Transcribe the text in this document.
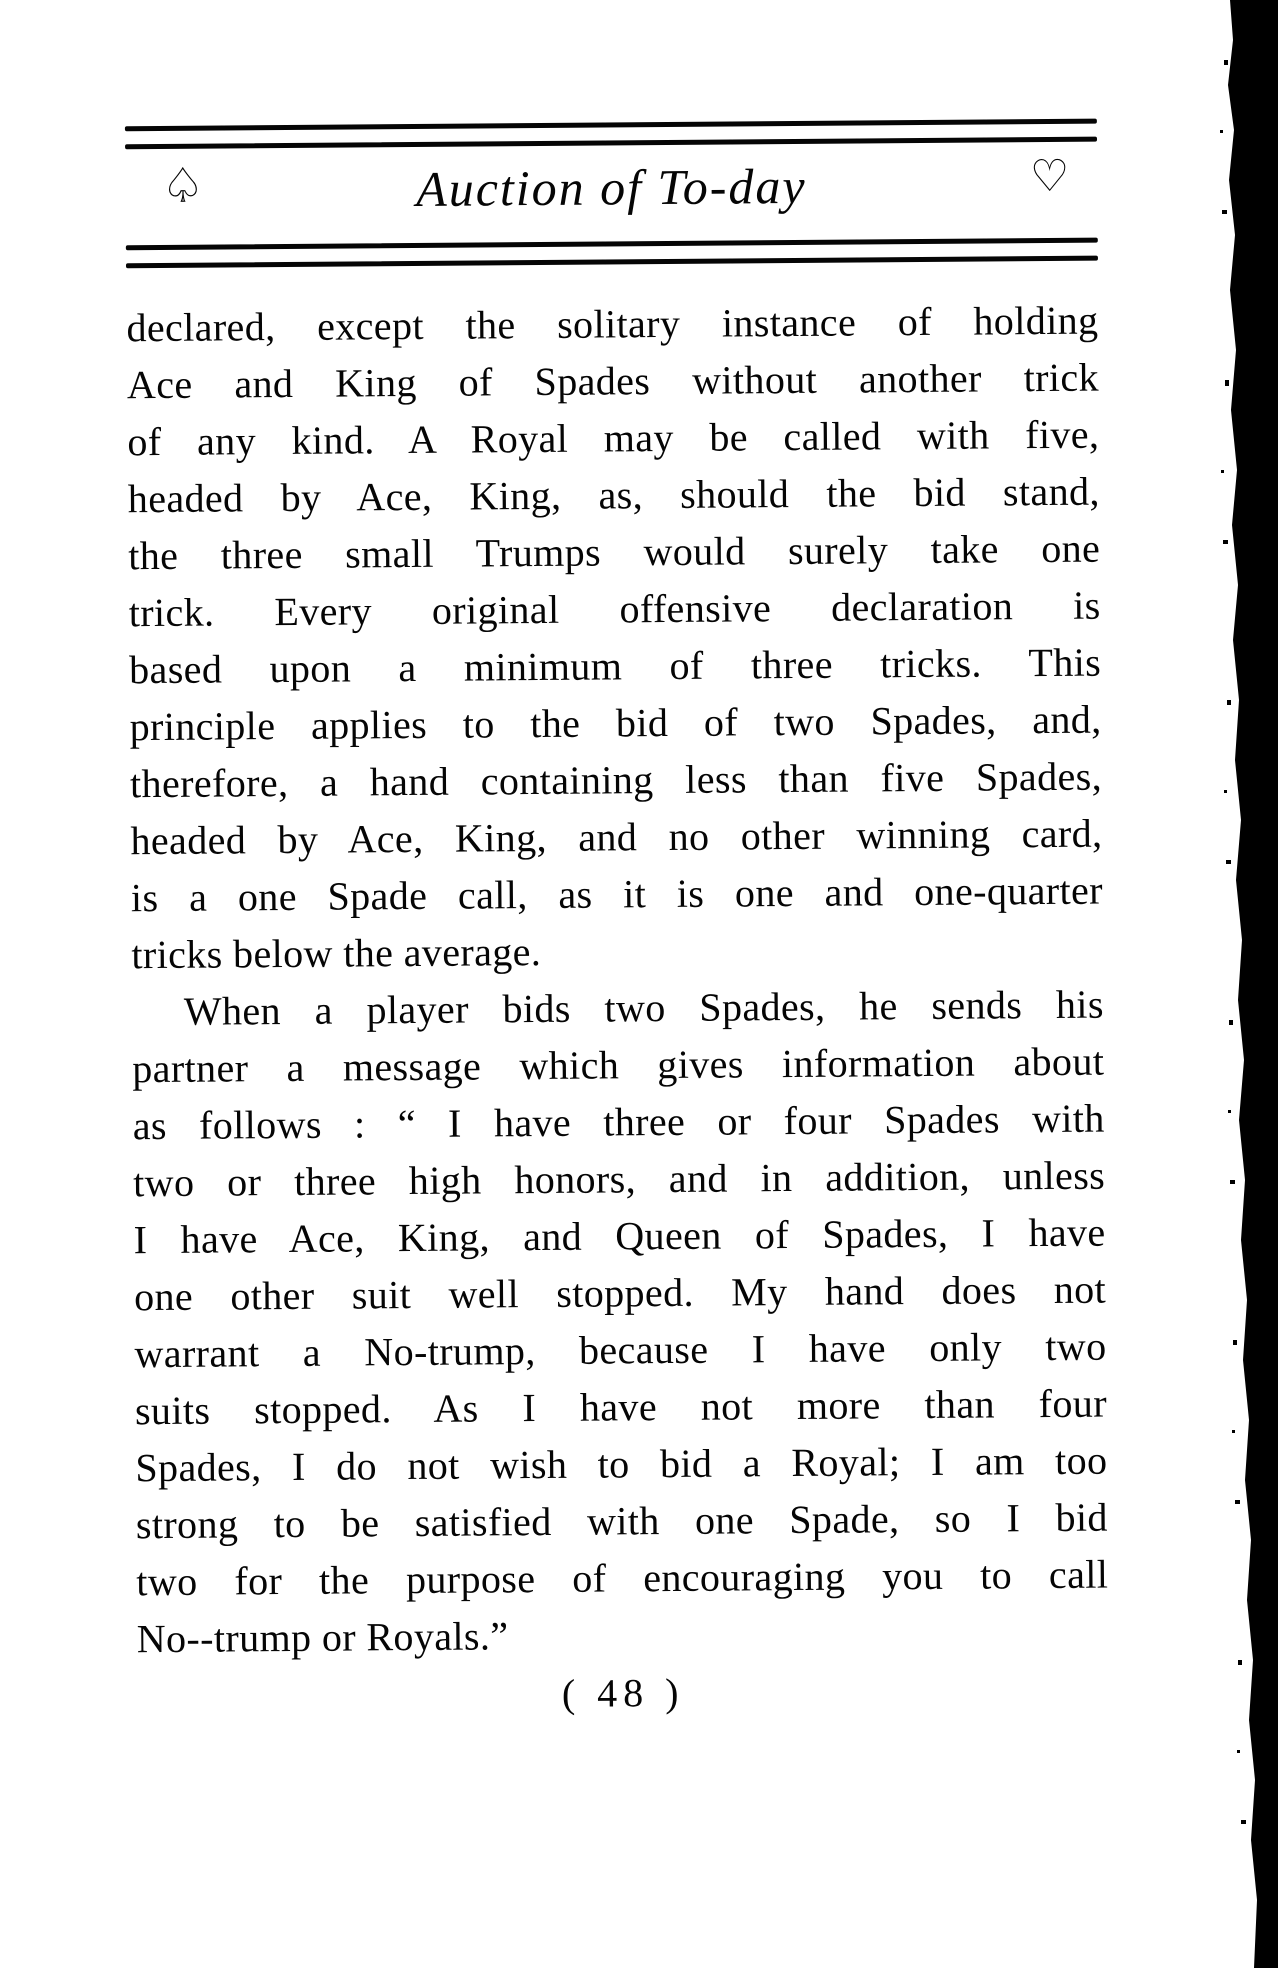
♤	Auction of To-day	♡
declared, except the solitary instance of holding
Ace and King of Spades without another trick
of any kind. A Royal may be called with five,
headed by Ace, King, as, should the bid stand,
the three small Trumps would surely take one
trick. Every original offensive declaration is
based upon a minimum of three tricks. This
principle applies to the bid of two Spades, and,
therefore, a hand containing less than five Spades,
headed by Ace, King, and no other winning card,
is a one Spade call, as it is one and one-quarter
tricks below the average.
When a player bids two Spades, he sends his
partner a message which gives information about
as follows : “ I have three or four Spades with
two or three high honors, and in addition, unless
I have Ace, King, and Queen of Spades, I have
one other suit well stopped. My hand does not
warrant a No-trump, because I have only two
suits stopped. As I have not more than four
Spades, I do not wish to bid a Royal; I am too
strong to be satisfied with one Spade, so I bid
two for the purpose of encouraging you to call
No--trump or Royals.”
( 48 )
